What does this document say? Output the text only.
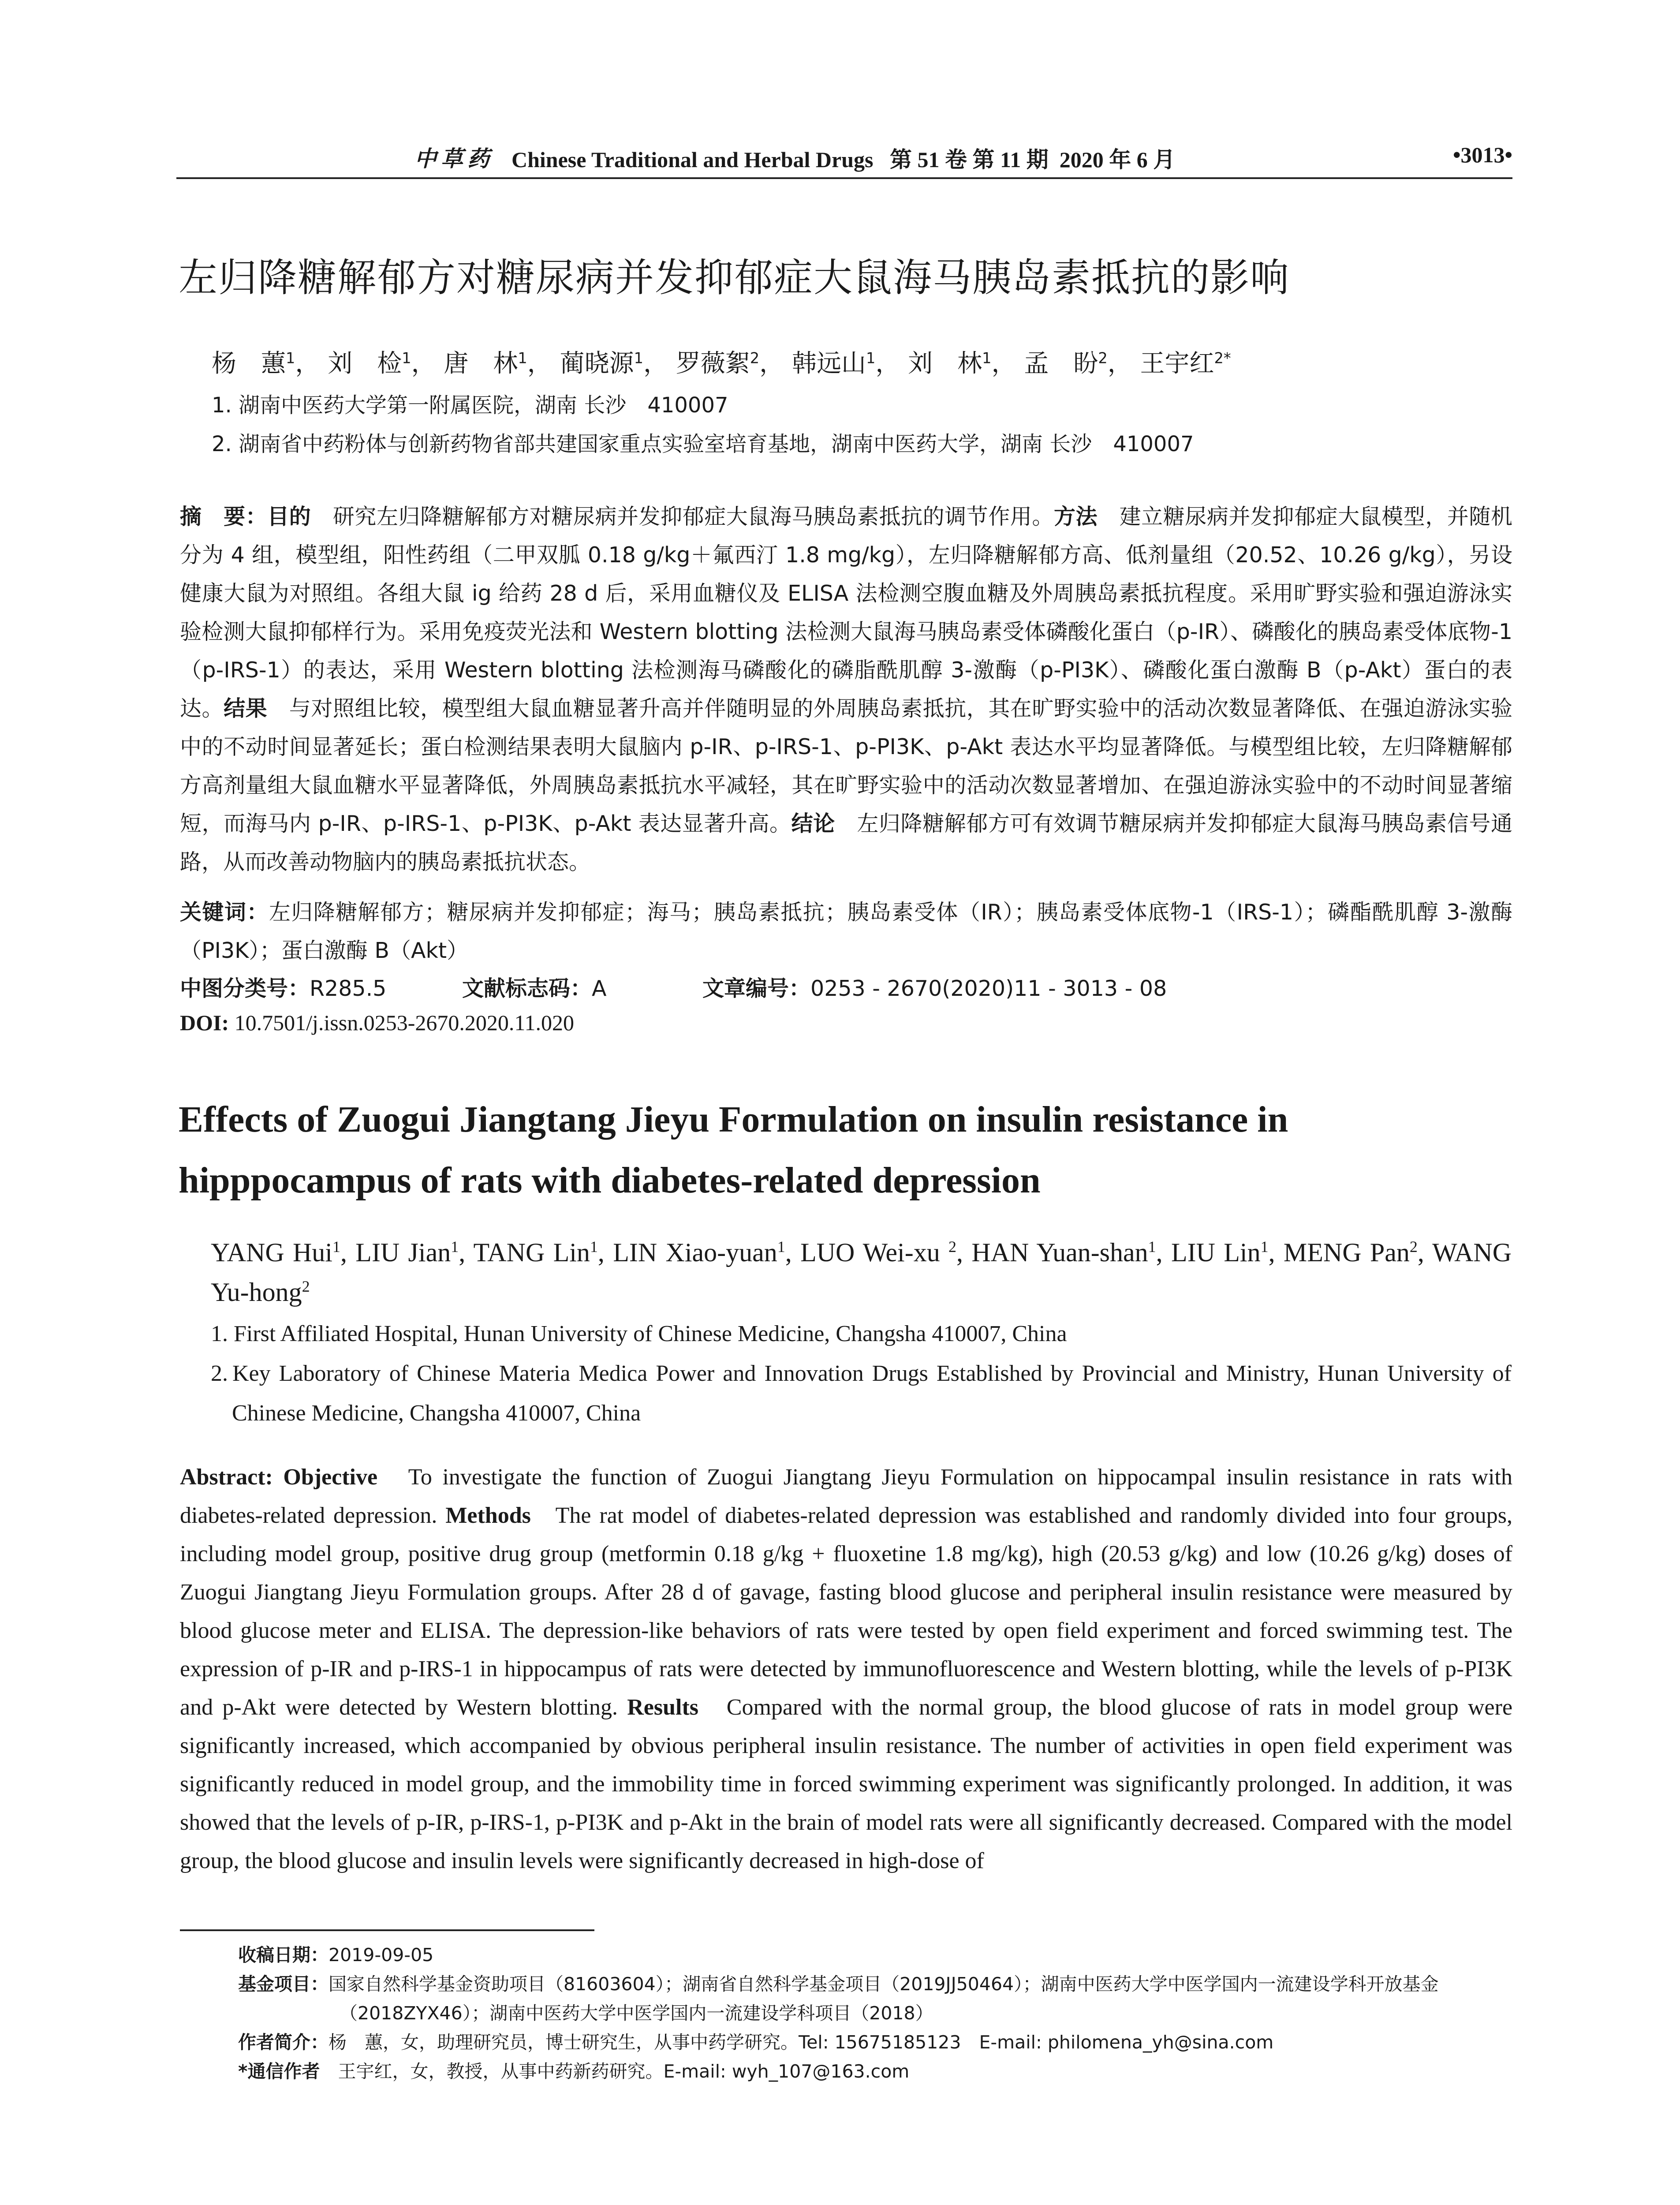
中草药 Chinese Traditional and Herbal Drugs   第 51 卷 第 11 期  2020 年 6 月	•3013•
左归降糖解郁方对糖尿病并发抑郁症大鼠海马胰岛素抵抗的影响
杨　蕙$^1$， 刘　检$^1$， 唐　林$^1$， 蔺晓源$^1$， 罗薇絮$^2$， 韩远山$^1$， 刘　林$^1$， 孟　盼$^2$， 王宇红$^{2*}$
1. 湖南中医药大学第一附属医院，湖南 长沙　410007
2. 湖南省中药粉体与创新药物省部共建国家重点实验室培育基地，湖南中医药大学，湖南 长沙　410007
摘　要：目的　 研究左归降糖解郁方对糖尿病并发抑郁症大鼠海马胰岛素抵抗的调节作用。方法　 建立糖尿病并发抑郁症大鼠模型，并随机分为 4 组，模型组，阳性药组（二甲双胍 0.18 g/kg＋氟西汀 1.8 mg/kg），左归降糖解郁方高、低剂量组（20.52、10.26 g/kg），另设健康大鼠为对照组。各组大鼠 ig 给药 28 d 后，采用血糖仪及 ELISA 法检测空腹血糖及外周胰岛素抵抗程度。采用旷野实验和强迫游泳实验检测大鼠抑郁样行为。采用免疫荧光法和 Western blotting 法检测大鼠海马胰岛素受体磷酸化蛋白（p-IR）、磷酸化的胰岛素受体底物-1（p-IRS-1）的表达，采用 Western blotting 法检测海马磷酸化的磷脂酰肌醇 3-激酶（p-PI3K）、磷酸化蛋白激酶 B（p-Akt）蛋白的表达。结果　 与对照组比较，模型组大鼠血糖显著升高并伴随明显的外周胰岛素抵抗，其在旷野实验中的活动次数显著降低、在强迫游泳实验中的不动时间显著延长；蛋白检测结果表明大鼠脑内 p-IR、p-IRS-1、p-PI3K、p-Akt 表达水平均显著降低。与模型组比较，左归降糖解郁方高剂量组大鼠血糖水平显著降低，外周胰岛素抵抗水平减轻，其在旷野实验中的活动次数显著增加、在强迫游泳实验中的不动时间显著缩短，而海马内 p-IR、p-IRS-1、p-PI3K、p-Akt 表达显著升高。结论　 左归降糖解郁方可有效调节糖尿病并发抑郁症大鼠海马胰岛素信号通路，从而改善动物脑内的胰岛素抵抗状态。
关键词：左归降糖解郁方；糖尿病并发抑郁症；海马；胰岛素抵抗；胰岛素受体（IR）；胰岛素受体底物-1（IRS-1）；磷酯酰肌醇 3-激酶（PI3K）；蛋白激酶 B（Akt）
中图分类号：R285.5	文献标志码：A	文章编号：0253 - 2670(2020)11 - 3013 - 08
DOI: 10.7501/j.issn.0253-2670.2020.11.020
Effects of Zuogui Jiangtang Jieyu Formulation on insulin resistance in hipppocampus of rats with diabetes-related depression
YANG Hui$^1$, LIU Jian$^1$, TANG Lin$^1$, LIN Xiao-yuan$^1$, LUO Wei-xu $^2$, HAN Yuan-shan$^1$, LIU Lin$^1$, MENG Pan$^2$, WANG Yu-hong$^2$
1. First Affiliated Hospital, Hunan University of Chinese Medicine, Changsha 410007, China
2. Key Laboratory of Chinese Materia Medica Power and Innovation Drugs Established by Provincial and Ministry, Hunan University of Chinese Medicine, Changsha 410007, China
Abstract: Objective To investigate the function of Zuogui Jiangtang Jieyu Formulation on hippocampal insulin resistance in rats with diabetes-related depression. Methods The rat model of diabetes-related depression was established and randomly divided into four groups, including model group, positive drug group (metformin 0.18 g/kg + fluoxetine 1.8 mg/kg), high (20.53 g/kg) and low (10.26 g/kg) doses of Zuogui Jiangtang Jieyu Formulation groups. After 28 d of gavage, fasting blood glucose and peripheral insulin resistance were measured by blood glucose meter and ELISA. The depression-like behaviors of rats were tested by open field experiment and forced swimming test. The expression of p-IR and p-IRS-1 in hippocampus of rats were detected by immunofluorescence and Western blotting, while the levels of p-PI3K and p-Akt were detected by Western blotting. Results Compared with the normal group, the blood glucose of rats in model group were significantly increased, which accompanied by obvious peripheral insulin resistance. The number of activities in open field experiment was significantly reduced in model group, and the immobility time in forced swimming experiment was significantly prolonged. In addition, it was showed that the levels of p-IR, p-IRS-1, p-PI3K and p-Akt in the brain of model rats were all significantly decreased. Compared with the model group, the blood glucose and insulin levels were significantly decreased in high-dose of
收稿日期：2019-09-05
基金项目：国家自然科学基金资助项目（81603604）；湖南省自然科学基金项目（2019JJ50464）；湖南中医药大学中医学国内一流建设学科开放基金（2018ZYX46）；湖南中医药大学中医学国内一流建设学科项目（2018）
作者简介：杨　蕙，女，助理研究员，博士研究生，从事中药学研究。Tel: 15675185123　E-mail: philomena_yh@sina.com
*通信作者　 王宇红，女，教授，从事中药新药研究。E-mail: wyh_107@163.com
